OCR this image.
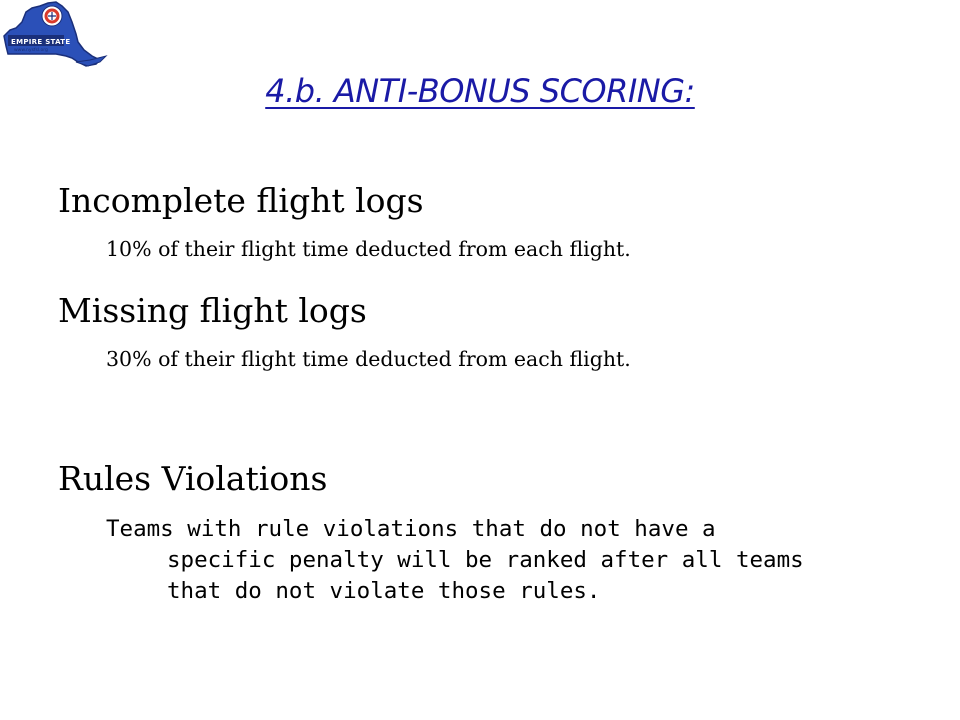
EMPIRE STATE
www.nysfsl.org
4.b. ANTI-BONUS SCORING:
Incomplete flight logs
10% of their flight time deducted from each flight.
Missing flight logs
30% of their flight time deducted from each flight.
Rules Violations
Teams with rule violations that do not have a
specific penalty will be ranked after all teams
that do not violate those rules.
